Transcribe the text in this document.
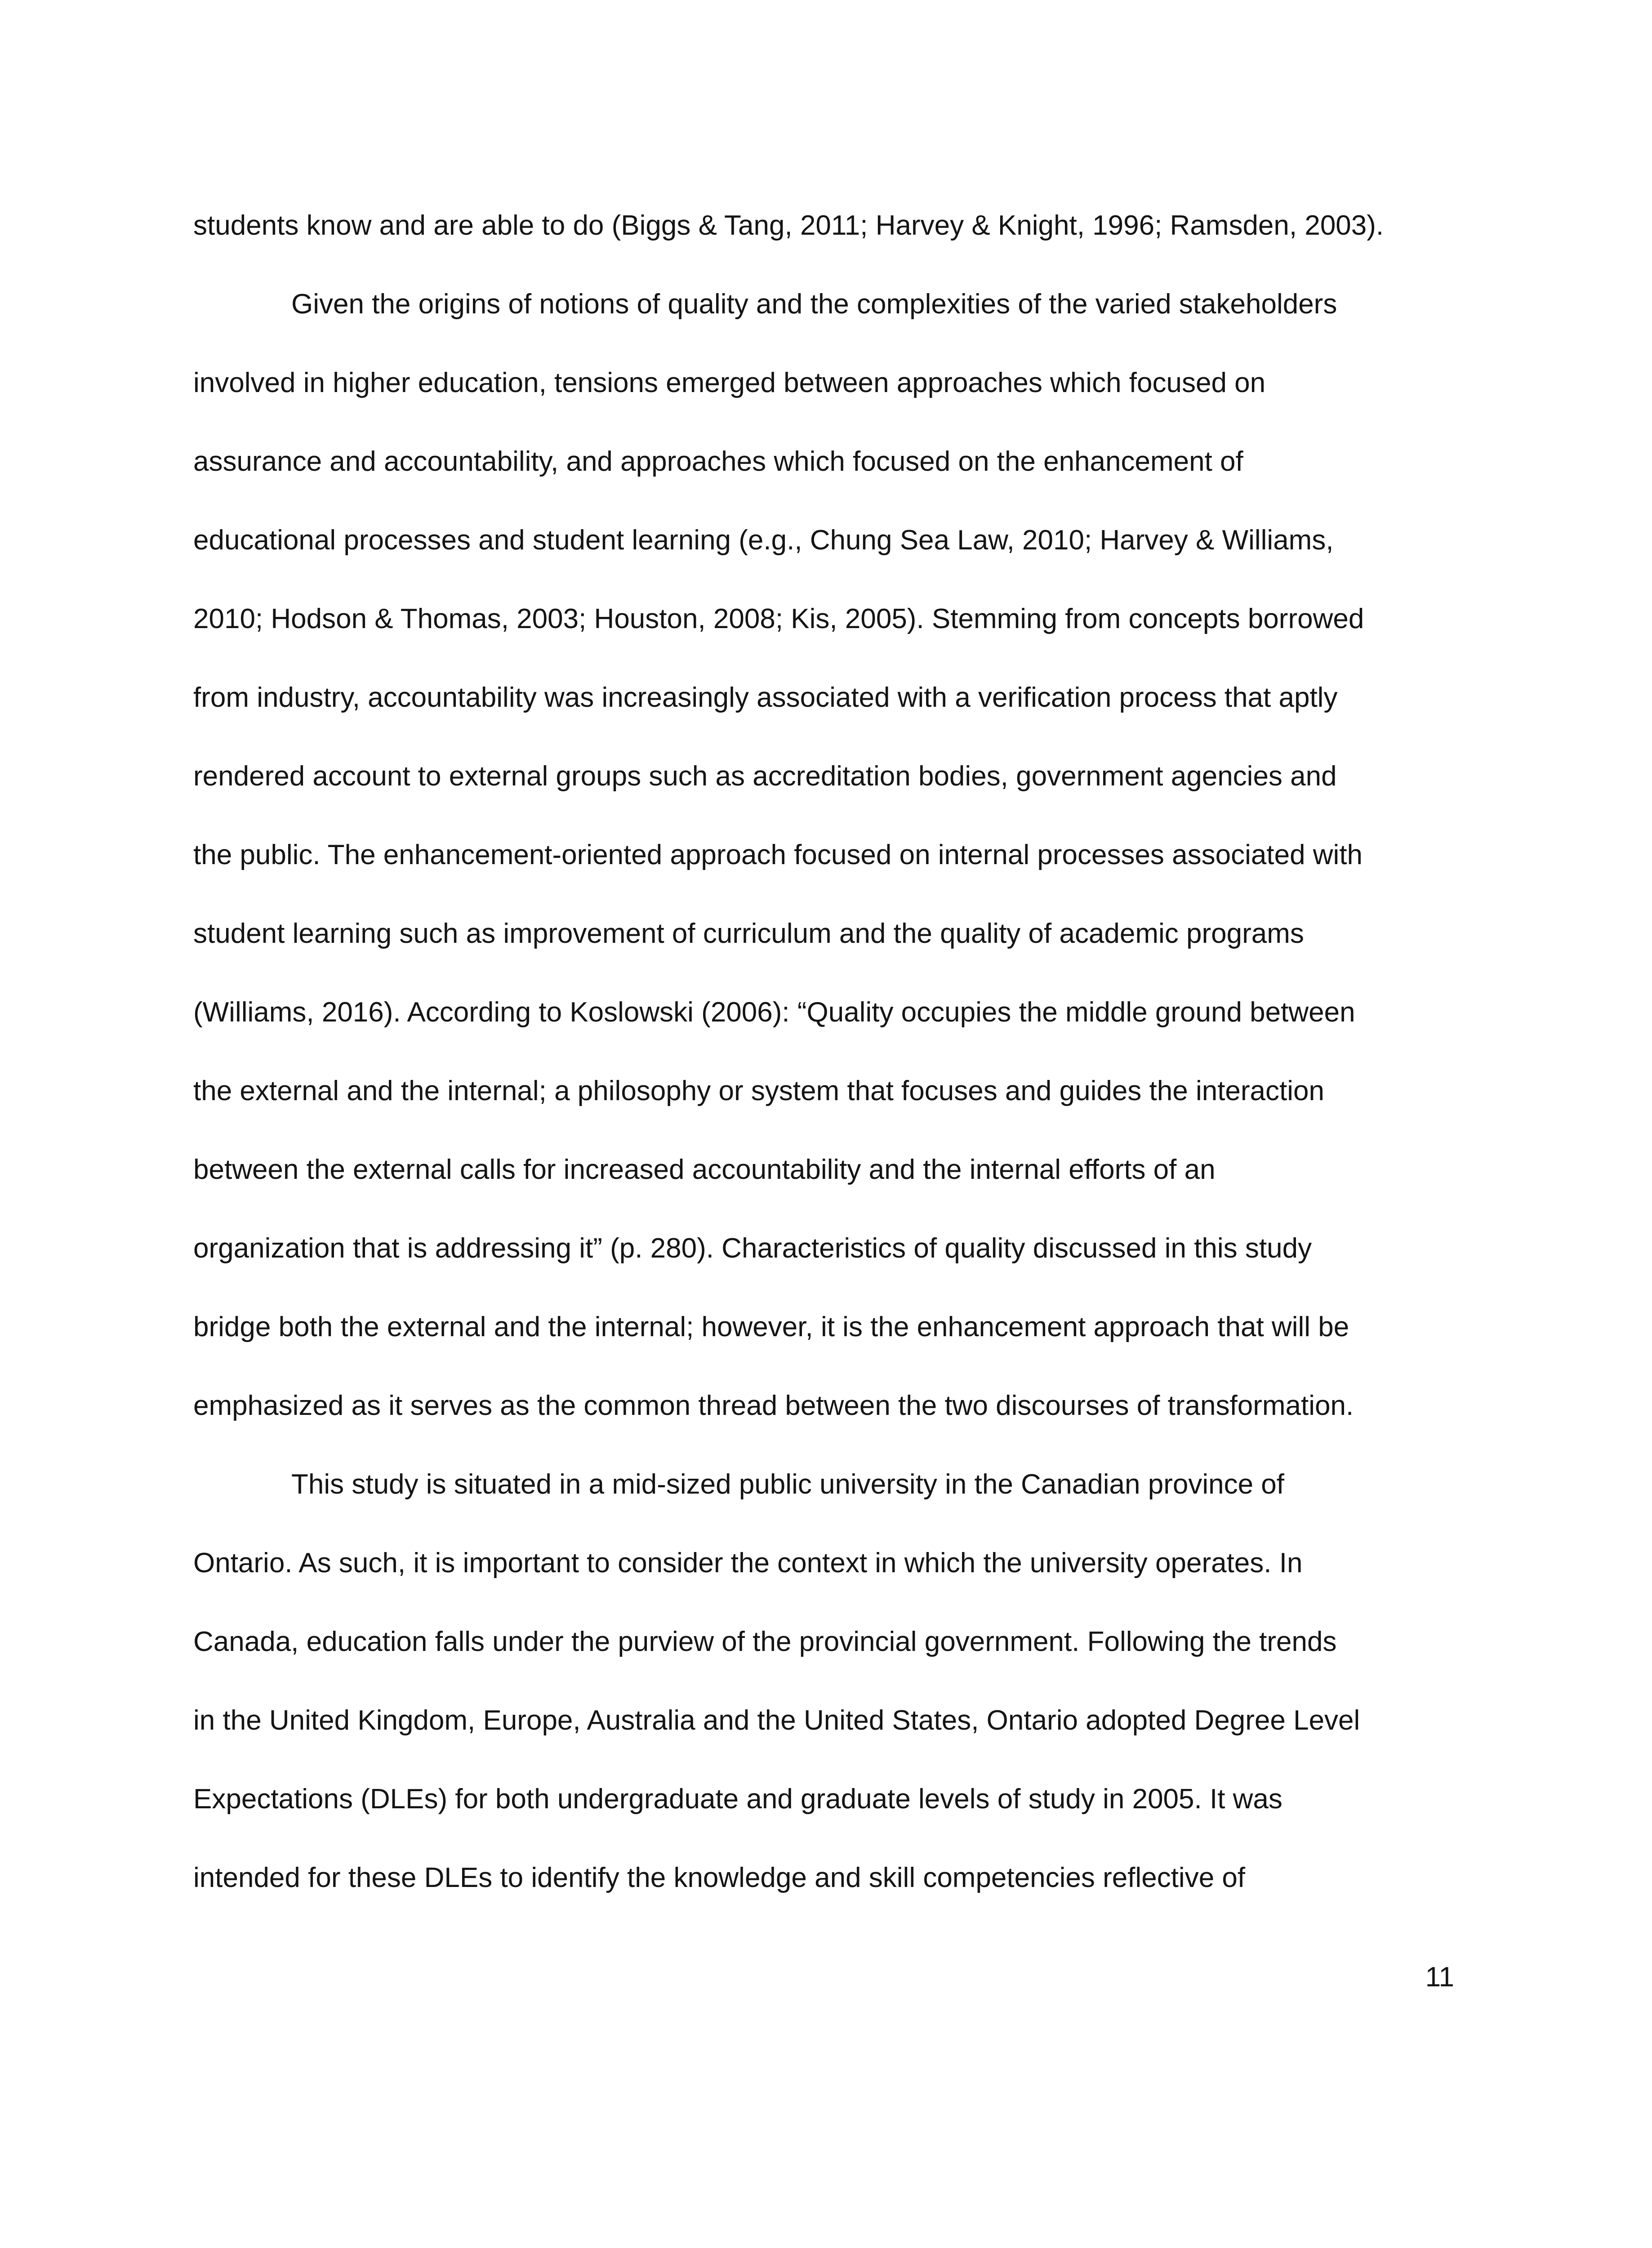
students know and are able to do (Biggs & Tang, 2011; Harvey & Knight, 1996; Ramsden, 2003).

Given the origins of notions of quality and the complexities of the varied stakeholders

involved in higher education, tensions emerged between approaches which focused on

assurance and accountability, and approaches which focused on the enhancement of

educational processes and student learning (e.g., Chung Sea Law, 2010; Harvey & Williams,

2010; Hodson & Thomas, 2003; Houston, 2008; Kis, 2005). Stemming from concepts borrowed

from industry, accountability was increasingly associated with a verification process that aptly

rendered account to external groups such as accreditation bodies, government agencies and

the public. The enhancement-oriented approach focused on internal processes associated with

student learning such as improvement of curriculum and the quality of academic programs

(Williams, 2016). According to Koslowski (2006): “Quality occupies the middle ground between

the external and the internal; a philosophy or system that focuses and guides the interaction

between the external calls for increased accountability and the internal efforts of an

organization that is addressing it” (p. 280). Characteristics of quality discussed in this study

bridge both the external and the internal; however, it is the enhancement approach that will be

emphasized as it serves as the common thread between the two discourses of transformation.

This study is situated in a mid-sized public university in the Canadian province of

Ontario. As such, it is important to consider the context in which the university operates. In

Canada, education falls under the purview of the provincial government. Following the trends

in the United Kingdom, Europe, Australia and the United States, Ontario adopted Degree Level

Expectations (DLEs) for both undergraduate and graduate levels of study in 2005. It was

intended for these DLEs to identify the knowledge and skill competencies reflective of

11
